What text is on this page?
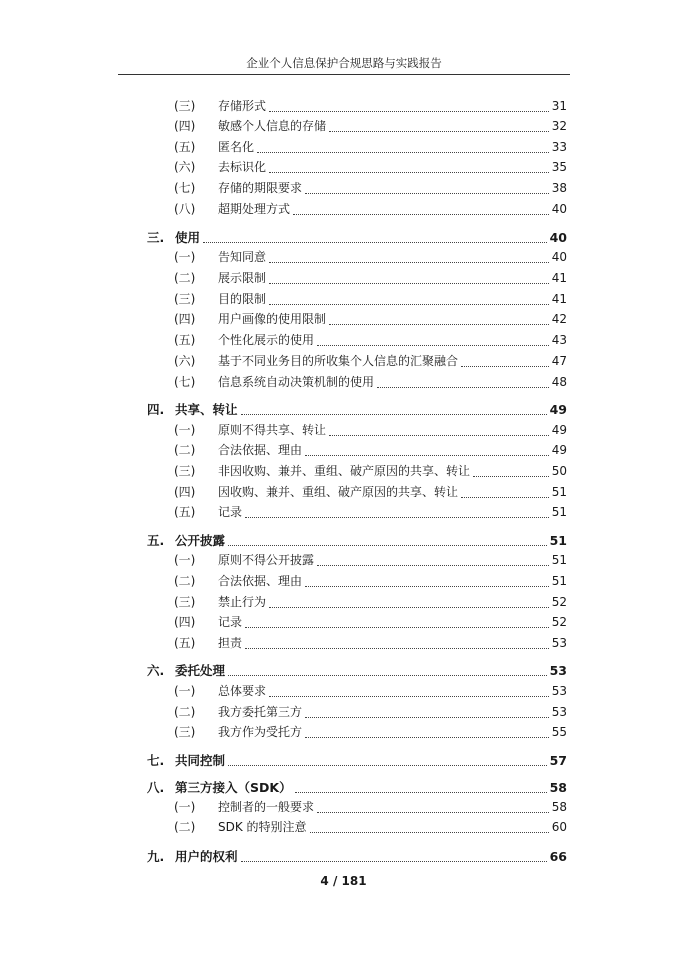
企业个人信息保护合规思路与实践报告
(三)	存储形式	31
(四)	敏感个人信息的存储	32
(五)	匿名化	33
(六)	去标识化	35
(七)	存储的期限要求	38
(八)	超期处理方式	40
三. 使用	40
(一)	告知同意	40
(二)	展示限制	41
(三)	目的限制	41
(四)	用户画像的使用限制	42
(五)	个性化展示的使用	43
(六)	基于不同业务目的所收集个人信息的汇聚融合	47
(七)	信息系统自动决策机制的使用	48
四. 共享、转让	49
(一)	原则不得共享、转让	49
(二)	合法依据、理由	49
(三)	非因收购、兼并、重组、破产原因的共享、转让	50
(四)	因收购、兼并、重组、破产原因的共享、转让	51
(五)	记录	51
五. 公开披露	51
(一)	原则不得公开披露	51
(二)	合法依据、理由	51
(三)	禁止行为	52
(四)	记录	52
(五)	担责	53
六. 委托处理	53
(一)	总体要求	53
(二)	我方委托第三方	53
(三)	我方作为受托方	55
七. 共同控制	57
八. 第三方接入（SDK）	58
(一)	控制者的一般要求	58
(二)	SDK 的特别注意	60
九. 用户的权利	66
4 / 181
